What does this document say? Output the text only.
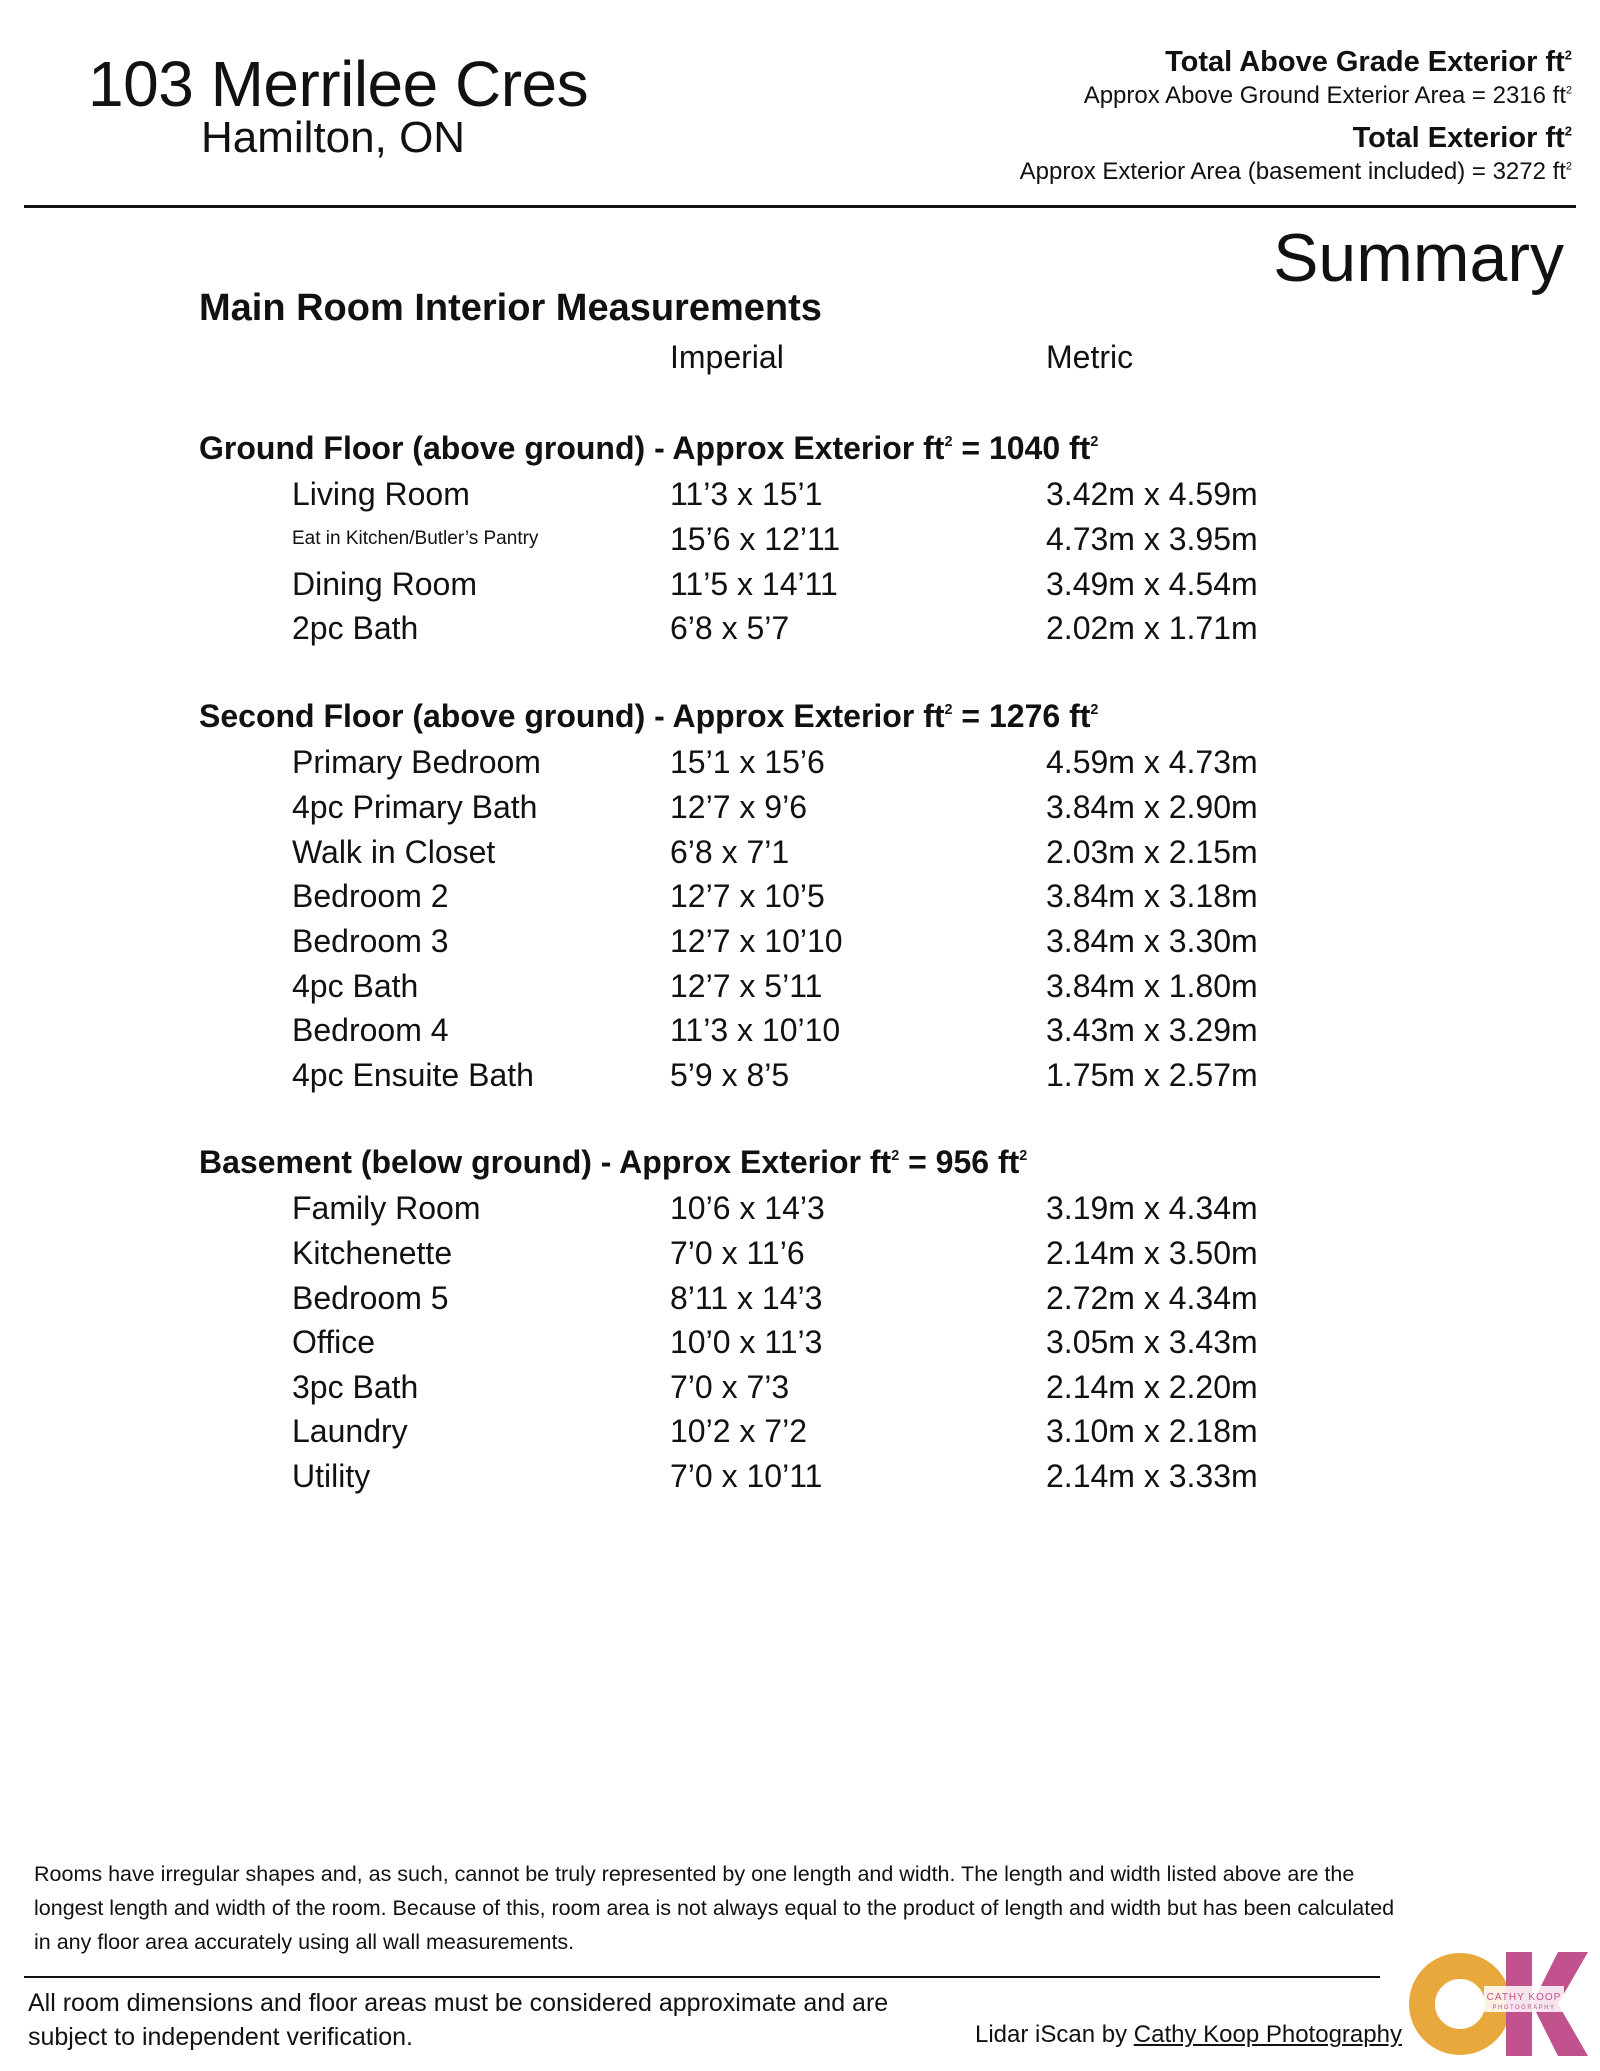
103 Merrilee Cres
Hamilton, ON
Total Above Grade Exterior $ft^2$
Approx Above Ground Exterior Area = 2316 $ft^2$
Total Exterior $ft^2$
Approx Exterior Area (basement included) = 3272 $ft^2$
Summary
Main Room Interior Measurements
Imperial	Metric
Ground Floor (above ground) - Approx Exterior $ft^2 = 1040$ $ft^2$
Living Room	11’3 x 15’1	3.42m x 4.59m
Eat in Kitchen/Butler’s Pantry	15’6 x 12’11	4.73m x 3.95m
Dining Room	11’5 x 14’11	3.49m x 4.54m
2pc Bath	6’8 x 5’7	2.02m x 1.71m
Second Floor (above ground) - Approx Exterior $ft^2 = 1276$ $ft^2$
Primary Bedroom	15’1 x 15’6	4.59m x 4.73m
4pc Primary Bath	12’7 x 9’6	3.84m x 2.90m
Walk in Closet	6’8 x 7’1	2.03m x 2.15m
Bedroom 2	12’7 x 10’5	3.84m x 3.18m
Bedroom 3	12’7 x 10’10	3.84m x 3.30m
4pc Bath	12’7 x 5’11	3.84m x 1.80m
Bedroom 4	11’3 x 10’10	3.43m x 3.29m
4pc Ensuite Bath	5’9 x 8’5	1.75m x 2.57m
Basement (below ground) - Approx Exterior $ft^2 = 956$ $ft^2$
Family Room	10’6 x 14’3	3.19m x 4.34m
Kitchenette	7’0 x 11’6	2.14m x 3.50m
Bedroom 5	8’11 x 14’3	2.72m x 4.34m
Office	10’0 x 11’3	3.05m x 3.43m
3pc Bath	7’0 x 7’3	2.14m x 2.20m
Laundry	10’2 x 7’2	3.10m x 2.18m
Utility	7’0 x 10’11	2.14m x 3.33m
Rooms have irregular shapes and, as such, cannot be truly represented by one length and width. The length and width listed above are the longest length and width of the room. Because of this, room area is not always equal to the product of length and width but has been calculated in any floor area accurately using all wall measurements.
All room dimensions and floor areas must be considered approximate and are subject to independent verification.	Lidar iScan by Cathy Koop Photography
CATHY KOOP
PHOTOGRAPHY
